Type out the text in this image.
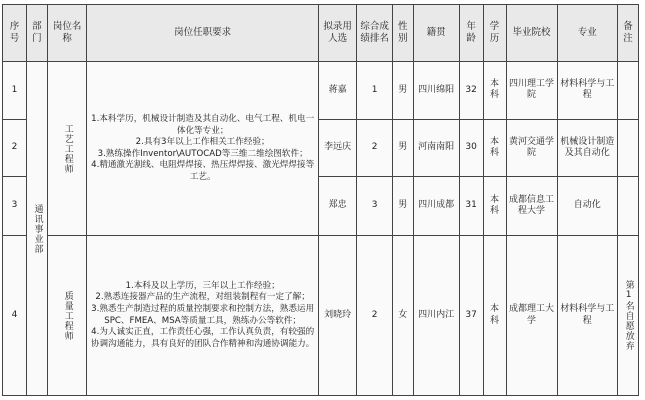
序号	部门	岗位名称	岗位任职要求	拟录用人选	综合成绩排名	性别	籍贯	年龄	学历	毕业院校	专业	备注
1	通讯事业部	工艺工程师	1.本科学历，机械设计制造及其自动化、电气工程、机电一体化等专业；
2.具有3年以上工作相关工作经验；
3.熟练操作Inventor\AUTOCAD等三维二维绘图软件；
4.精通激光割线、电阻焊焊接、热压焊焊接、激光焊焊接等工艺。	蒋嘉	1	男	四川绵阳	32	本科	四川理工学院	材料科学与工程	
2				李远庆	2	男	河南南阳	30	本科	黄河交通学院	机械设计制造及其自动化	
3				郑忠	3	男	四川成都	31	本科	成都信息工程大学	自动化	
4		质量工程师	1.本科及以上学历，三年以上工作经验；
2.熟悉连接器产品的生产流程，对组装制程有一定了解；
3.熟悉生产制造过程的质量控制要求和控制方法，熟悉运用SPC、FMEA、MSA等质量工具，熟练办公等软件；
4.为人诚实正直，工作责任心强，工作认真负责，有较强的协调沟通能力，具有良好的团队合作精神和沟通协调能力。	刘晓玲	2	女	四川内江	37	本科	成都理工大学	材料科学与工程	第1名自愿放弃
